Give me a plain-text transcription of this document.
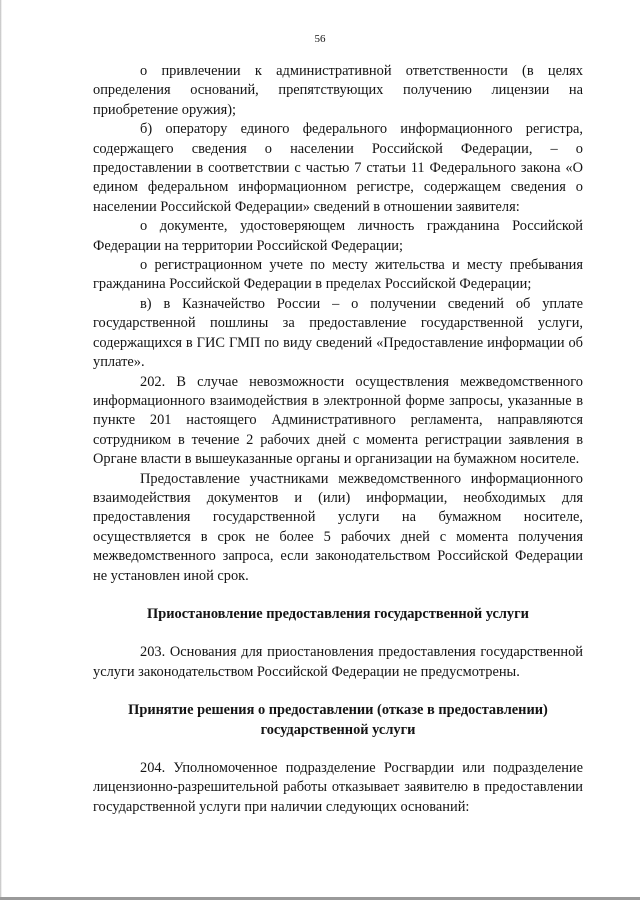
56

о привлечении к административной ответственности (в целях определения оснований, препятствующих получению лицензии на приобретение оружия);

б) оператору единого федерального информационного регистра, содержащего сведения о населении Российской Федерации, – о предоставлении в соответствии с частью 7 статьи 11 Федерального закона «О едином федеральном информационном регистре, содержащем сведения о населении Российской Федерации» сведений в отношении заявителя:

о документе, удостоверяющем личность гражданина Российской Федерации на территории Российской Федерации;

о регистрационном учете по месту жительства и месту пребывания гражданина Российской Федерации в пределах Российской Федерации;

в) в Казначейство России – о получении сведений об уплате государственной пошлины за предоставление государственной услуги, содержащихся в ГИС ГМП по виду сведений «Предоставление информации об уплате».

202. В случае невозможности осуществления межведомственного информационного взаимодействия в электронной форме запросы, указанные в пункте 201 настоящего Административного регламента, направляются сотрудником в течение 2 рабочих дней с момента регистрации заявления в Органе власти в вышеуказанные органы и организации на бумажном носителе.

Предоставление участниками межведомственного информационного взаимодействия документов и (или) информации, необходимых для предоставления государственной услуги на бумажном носителе, осуществляется в срок не более 5 рабочих дней с момента получения межведомственного запроса, если законодательством Российской Федерации не установлен иной срок.

Приостановление предоставления государственной услуги

203. Основания для приостановления предоставления государственной услуги законодательством Российской Федерации не предусмотрены.

Принятие решения о предоставлении (отказе в предоставлении) государственной услуги

204. Уполномоченное подразделение Росгвардии или подразделение лицензионно-разрешительной работы отказывает заявителю в предоставлении государственной услуги при наличии следующих оснований:
